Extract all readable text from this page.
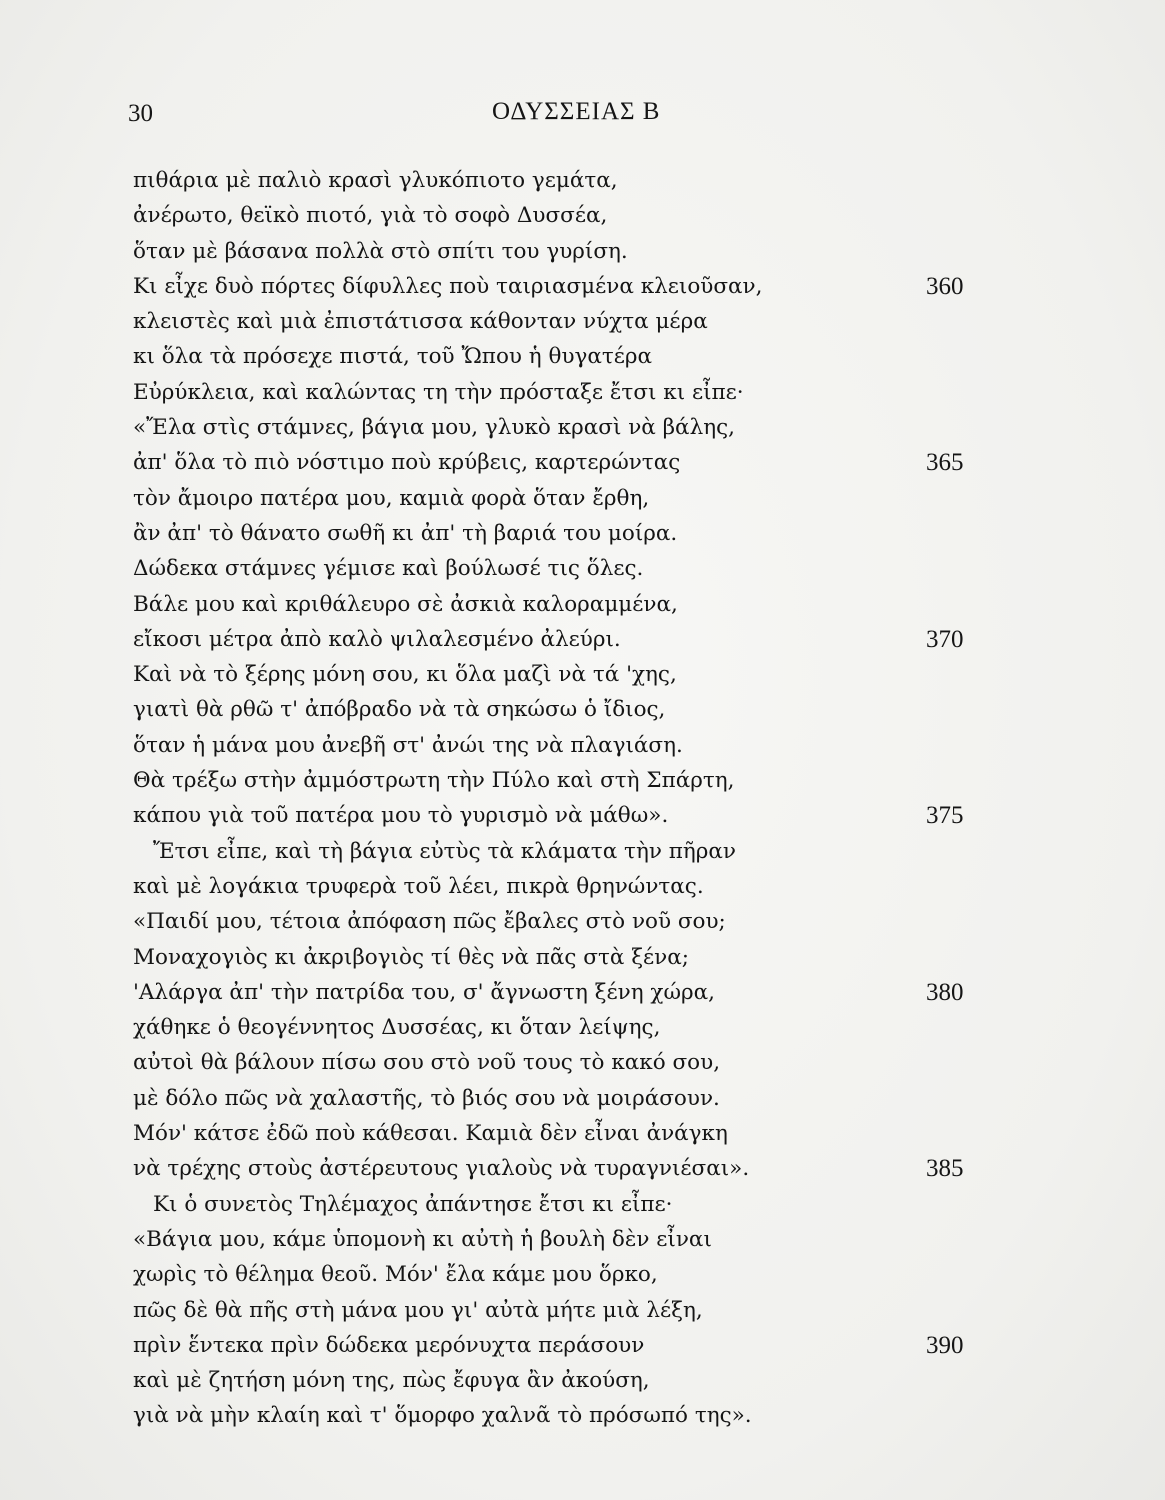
30	ΟΔΥΣΣΕΙΑΣ Β
πιθάρια μὲ παλιὸ κρασὶ γλυκόπιοτο γεμάτα,
ἀνέρωτο, θεϊκὸ πιοτό, γιὰ τὸ σοφὸ Δυσσέα,
ὅταν μὲ βάσανα πολλὰ στὸ σπίτι του γυρίση.
Κι εἶχε δυὸ πόρτες δίφυλλες ποὺ ταιριασμένα κλειοῦσαν,	360
κλειστὲς καὶ μιὰ ἐπιστάτισσα κάθονταν νύχτα μέρα
κι ὅλα τὰ πρόσεχε πιστά, τοῦ Ὤπου ἡ θυγατέρα
Εὐρύκλεια, καὶ καλώντας τη τὴν πρόσταξε ἔτσι κι εἶπε·
«Ἔλα στὶς στάμνες, βάγια μου, γλυκὸ κρασὶ νὰ βάλης,
ἀπ' ὅλα τὸ πιὸ νόστιμο ποὺ κρύβεις, καρτερώντας	365
τὸν ἄμοιρο πατέρα μου, καμιὰ φορὰ ὅταν ἔρθη,
ἂν ἀπ' τὸ θάνατο σωθῆ κι ἀπ' τὴ βαριά του μοίρα.
Δώδεκα στάμνες γέμισε καὶ βούλωσέ τις ὅλες.
Βάλε μου καὶ κριθάλευρο σὲ ἀσκιὰ καλοραμμένα,
εἴκοσι μέτρα ἀπὸ καλὸ ψιλαλεσμένο ἀλεύρι.	370
Καὶ νὰ τὸ ξέρης μόνη σου, κι ὅλα μαζὶ νὰ τά 'χης,
γιατὶ θὰ ρθῶ τ' ἀπόβραδο νὰ τὰ σηκώσω ὁ ἴδιος,
ὅταν ἡ μάνα μου ἀνεβῆ στ' ἀνώι της νὰ πλαγιάση.
Θὰ τρέξω στὴν ἀμμόστρωτη τὴν Πύλο καὶ στὴ Σπάρτη,
κάπου γιὰ τοῦ πατέρα μου τὸ γυρισμὸ νὰ μάθω».	375
Ἔτσι εἶπε, καὶ τὴ βάγια εὐτὺς τὰ κλάματα τὴν πῆραν
καὶ μὲ λογάκια τρυφερὰ τοῦ λέει, πικρὰ θρηνώντας.
«Παιδί μου, τέτοια ἀπόφαση πῶς ἔβαλες στὸ νοῦ σου;
Μοναχογιὸς κι ἀκριβογιὸς τί θὲς νὰ πᾶς στὰ ξένα;
'Αλάργα ἀπ' τὴν πατρίδα του, σ' ἄγνωστη ξένη χώρα,	380
χάθηκε ὁ θεογέννητος Δυσσέας, κι ὅταν λείψης,
αὐτοὶ θὰ βάλουν πίσω σου στὸ νοῦ τους τὸ κακό σου,
μὲ δόλο πῶς νὰ χαλαστῆς, τὸ βιός σου νὰ μοιράσουν.
Μόν' κάτσε ἐδῶ ποὺ κάθεσαι. Καμιὰ δὲν εἶναι ἀνάγκη
νὰ τρέχης στοὺς ἀστέρευτους γιαλοὺς νὰ τυραγνιέσαι».	385
Κι ὁ συνετὸς Τηλέμαχος ἀπάντησε ἔτσι κι εἶπε·
«Βάγια μου, κάμε ὑπομονὴ κι αὐτὴ ἡ βουλὴ δὲν εἶναι
χωρὶς τὸ θέλημα θεοῦ. Μόν' ἔλα κάμε μου ὅρκο,
πῶς δὲ θὰ πῆς στὴ μάνα μου γι' αὐτὰ μήτε μιὰ λέξη,
πρὶν ἕντεκα πρὶν δώδεκα μερόνυχτα περάσουν	390
καὶ μὲ ζητήση μόνη της, πὼς ἔφυγα ἂν ἀκούση,
γιὰ νὰ μὴν κλαίη καὶ τ' ὅμορφο χαλνᾶ τὸ πρόσωπό της».
